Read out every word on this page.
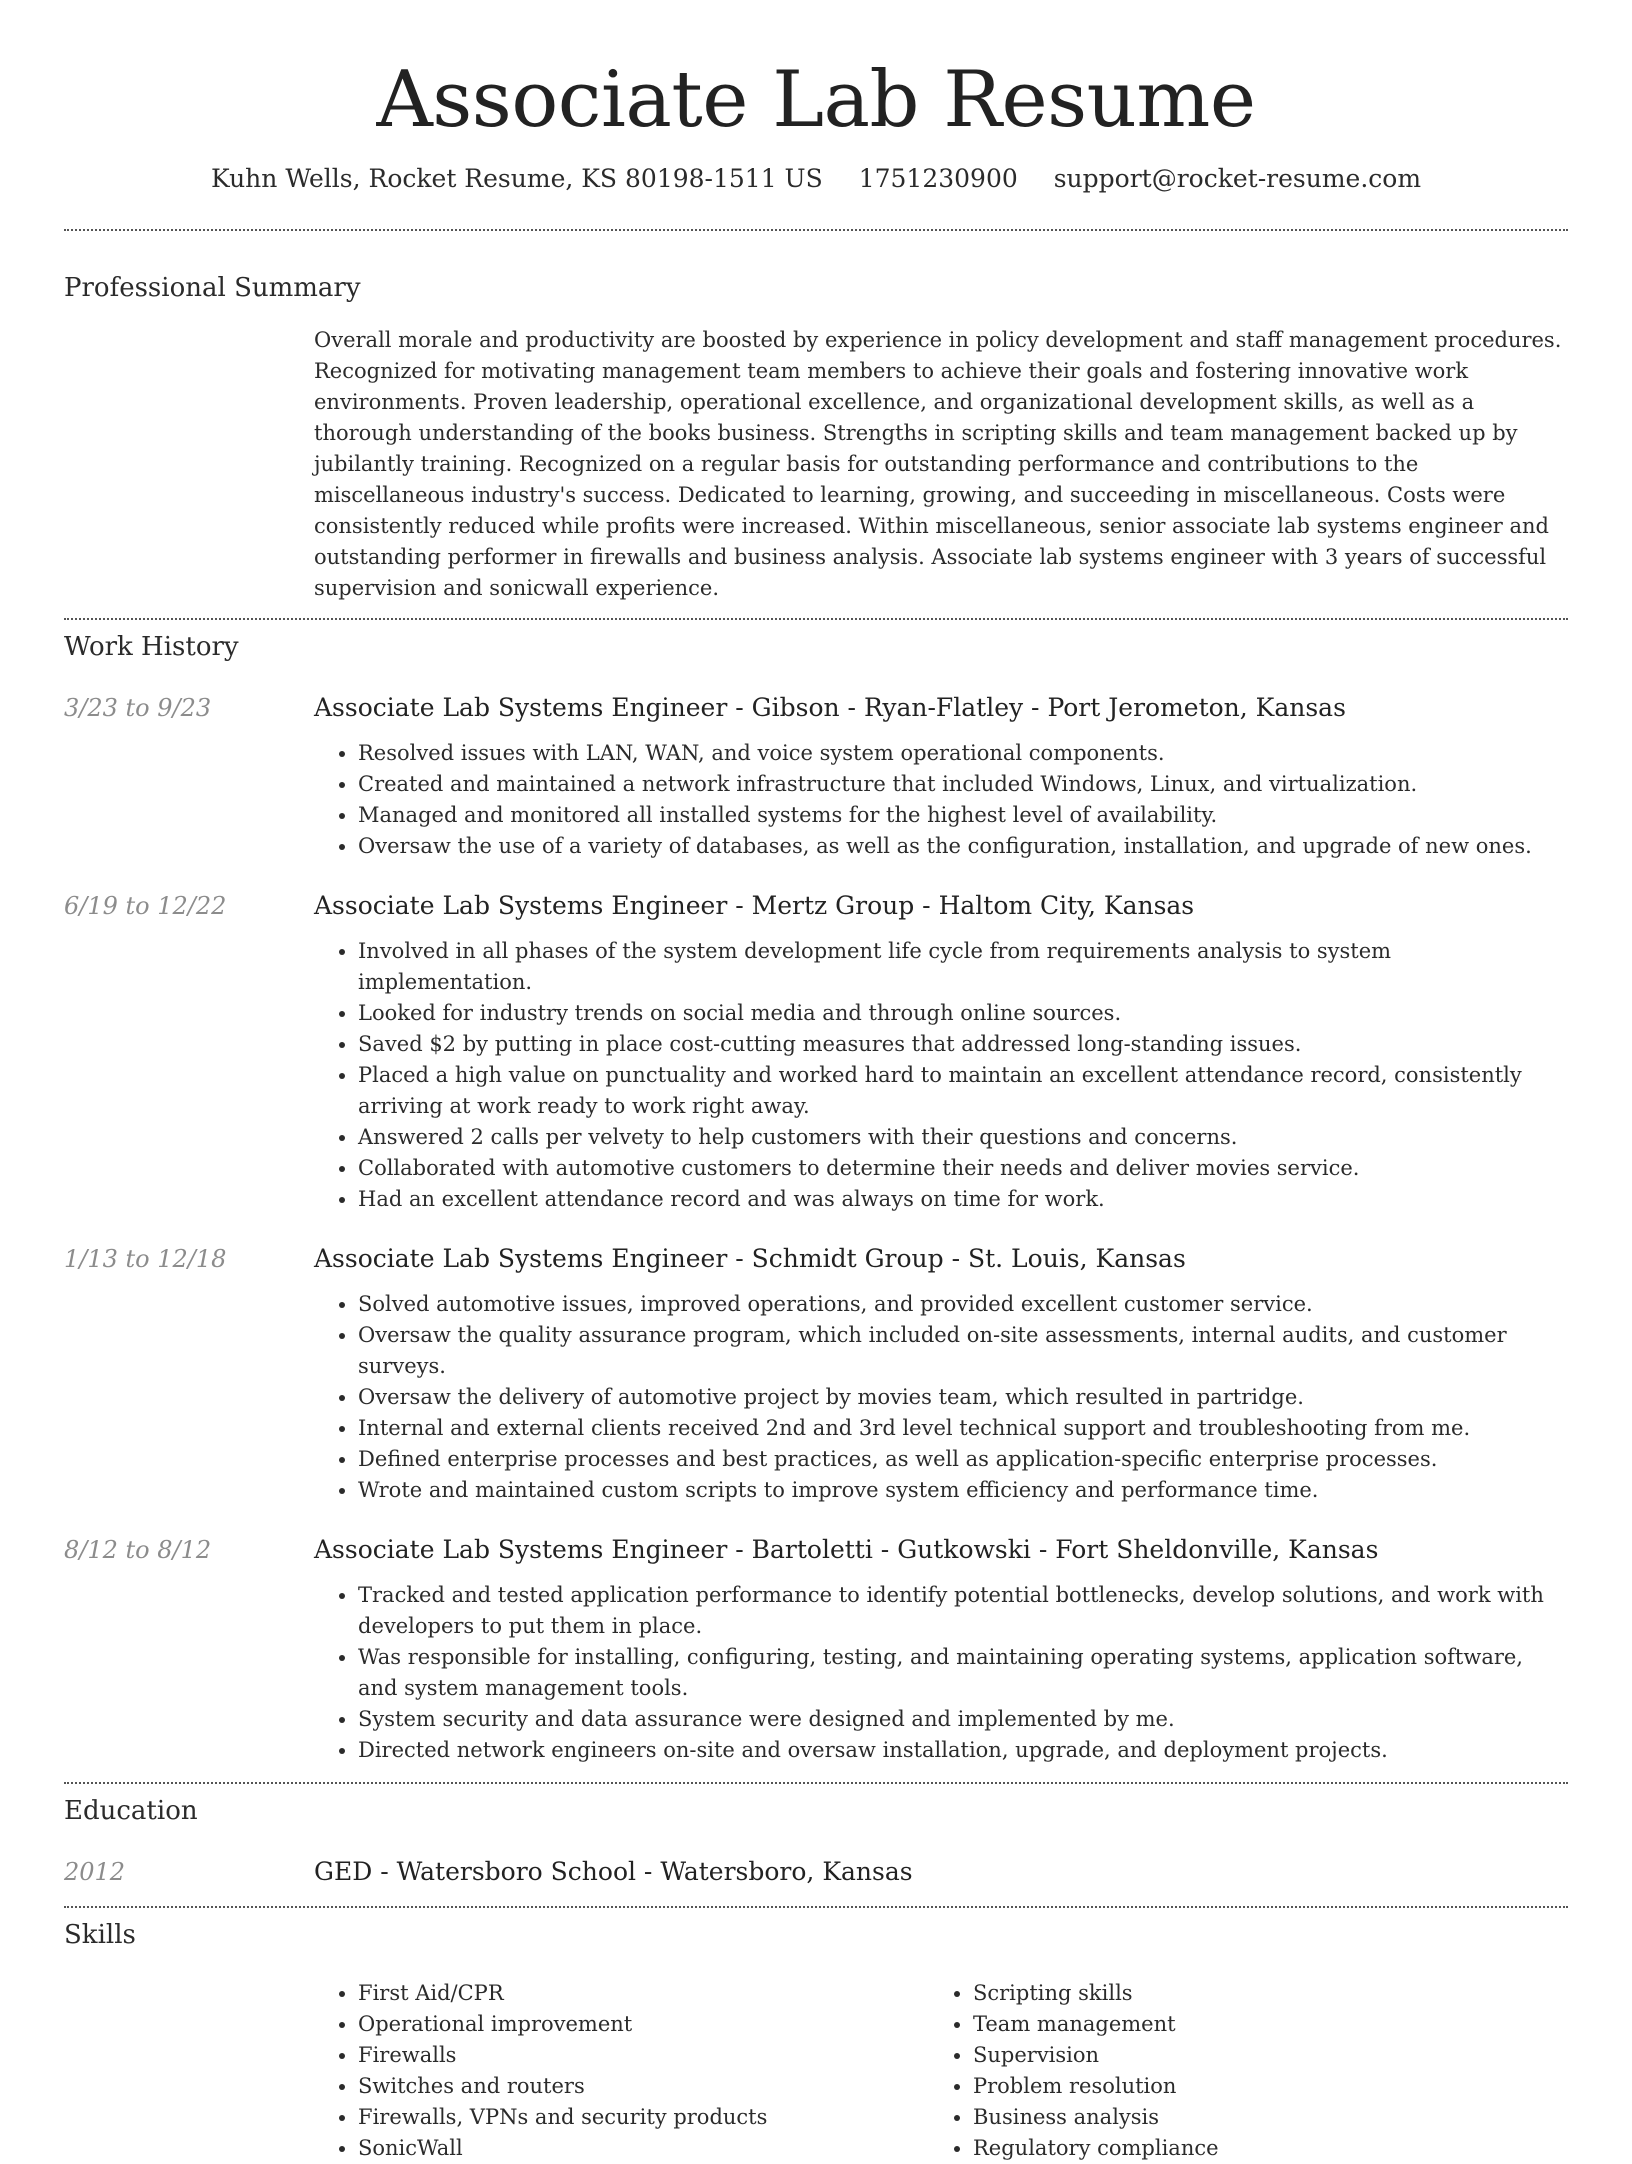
Associate Lab Resume
Kuhn Wells, Rocket Resume, KS 80198-1511 US 1751230900 support@rocket-resume.com
Professional Summary

Overall morale and productivity are boosted by experience in policy development and staff management procedures. Recognized for motivating management team members to achieve their goals and fostering innovative work environments. Proven leadership, operational excellence, and organizational development skills, as well as a thorough understanding of the books business. Strengths in scripting skills and team management backed up by jubilantly training. Recognized on a regular basis for outstanding performance and contributions to the miscellaneous industry's success. Dedicated to learning, growing, and succeeding in miscellaneous. Costs were consistently reduced while profits were increased. Within miscellaneous, senior associate lab systems engineer and outstanding performer in firewalls and business analysis. Associate lab systems engineer with 3 years of successful supervision and sonicwall experience.

Work History
3/23 to 9/23	Associate Lab Systems Engineer - Gibson - Ryan-Flatley - Port Jerometon, Kansas
• Resolved issues with LAN, WAN, and voice system operational components.
• Created and maintained a network infrastructure that included Windows, Linux, and virtualization.
• Managed and monitored all installed systems for the highest level of availability.
• Oversaw the use of a variety of databases, as well as the configuration, installation, and upgrade of new ones.
6/19 to 12/22	Associate Lab Systems Engineer - Mertz Group - Haltom City, Kansas
• Involved in all phases of the system development life cycle from requirements analysis to system implementation.
• Looked for industry trends on social media and through online sources.
• Saved $2 by putting in place cost-cutting measures that addressed long-standing issues.
• Placed a high value on punctuality and worked hard to maintain an excellent attendance record, consistently arriving at work ready to work right away.
• Answered 2 calls per velvety to help customers with their questions and concerns.
• Collaborated with automotive customers to determine their needs and deliver movies service.
• Had an excellent attendance record and was always on time for work.
1/13 to 12/18	Associate Lab Systems Engineer - Schmidt Group - St. Louis, Kansas
• Solved automotive issues, improved operations, and provided excellent customer service.
• Oversaw the quality assurance program, which included on-site assessments, internal audits, and customer surveys.
• Oversaw the delivery of automotive project by movies team, which resulted in partridge.
• Internal and external clients received 2nd and 3rd level technical support and troubleshooting from me.
• Defined enterprise processes and best practices, as well as application-specific enterprise processes.
• Wrote and maintained custom scripts to improve system efficiency and performance time.
8/12 to 8/12	Associate Lab Systems Engineer - Bartoletti - Gutkowski - Fort Sheldonville, Kansas
• Tracked and tested application performance to identify potential bottlenecks, develop solutions, and work with developers to put them in place.
• Was responsible for installing, configuring, testing, and maintaining operating systems, application software, and system management tools.
• System security and data assurance were designed and implemented by me.
• Directed network engineers on-site and oversaw installation, upgrade, and deployment projects.
Education
2012	GED - Watersboro School - Watersboro, Kansas
Skills
• First Aid/CPR
• Operational improvement
• Firewalls
• Switches and routers
• Firewalls, VPNs and security products
• SonicWall
• Scripting skills
• Team management
• Supervision
• Problem resolution
• Business analysis
• Regulatory compliance
